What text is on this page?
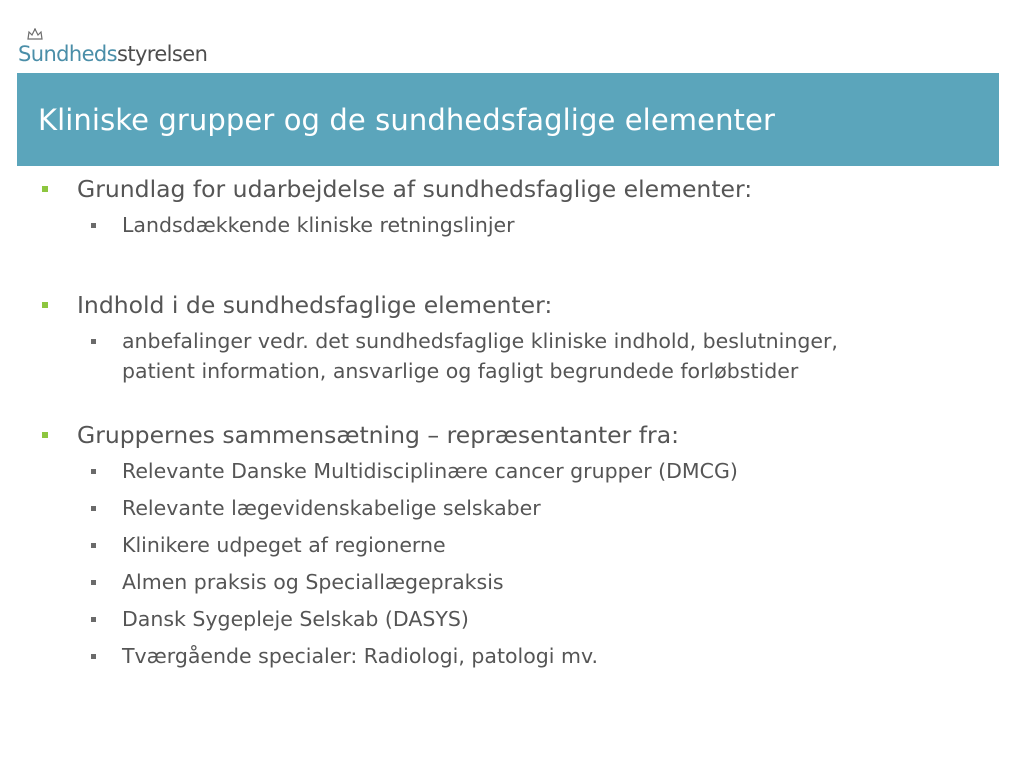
Sundheds styrelsen
Kliniske grupper og de sundhedsfaglige elementer
Grundlag for udarbejdelse af sundhedsfaglige elementer:
Landsdækkende kliniske retningslinjer
Indhold i de sundhedsfaglige elementer:
anbefalinger vedr. det sundhedsfaglige kliniske indhold, beslutninger, patient information, ansvarlige og fagligt begrundede forløbstider
Gruppernes sammensætning – repræsentanter fra:
Relevante Danske Multidisciplinære cancer grupper (DMCG)
Relevante lægevidenskabelige selskaber
Klinikere udpeget af regionerne
Almen praksis og Speciallægepraksis
Dansk Sygepleje Selskab (DASYS)
Tværgående specialer: Radiologi, patologi mv.
